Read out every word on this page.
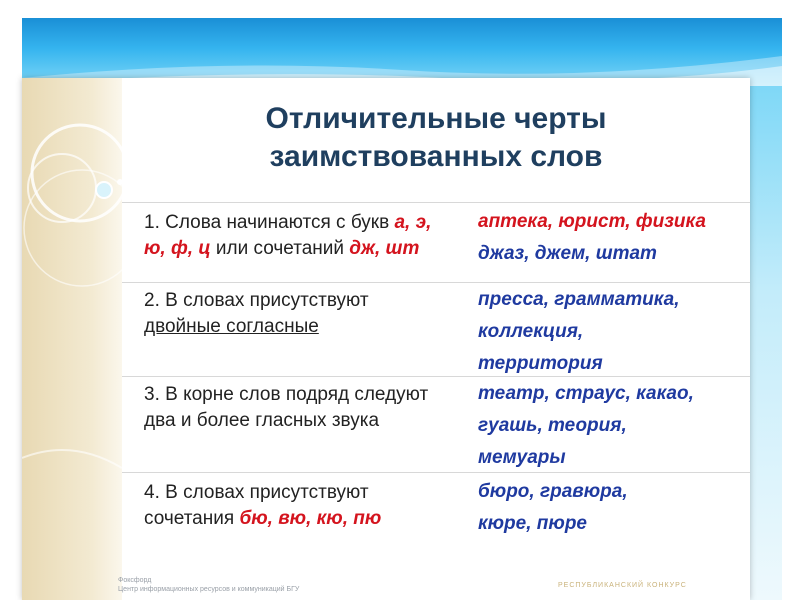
Отличительные черты
заимствованных слов
1. Слова начинаются с букв а, э,
ю, ф, ц или сочетаний дж, шт
аптека, юрист, физика
джаз, джем, штат
2. В словах присутствуют
двойные согласные
пресса, грамматика,
коллекция,
территория
3. В корне слов подряд следуют
два и более гласных звука
театр, страус, какао,
гуашь, теория,
мемуары
4. В словах присутствуют
сочетания бю, вю, кю, пю
бюро, гравюра,
кюре, пюре
Фоксфорд
Центр информационных ресурсов и коммуникаций БГУ
РЕСПУБЛИКАНСКИЙ КОНКУРС
